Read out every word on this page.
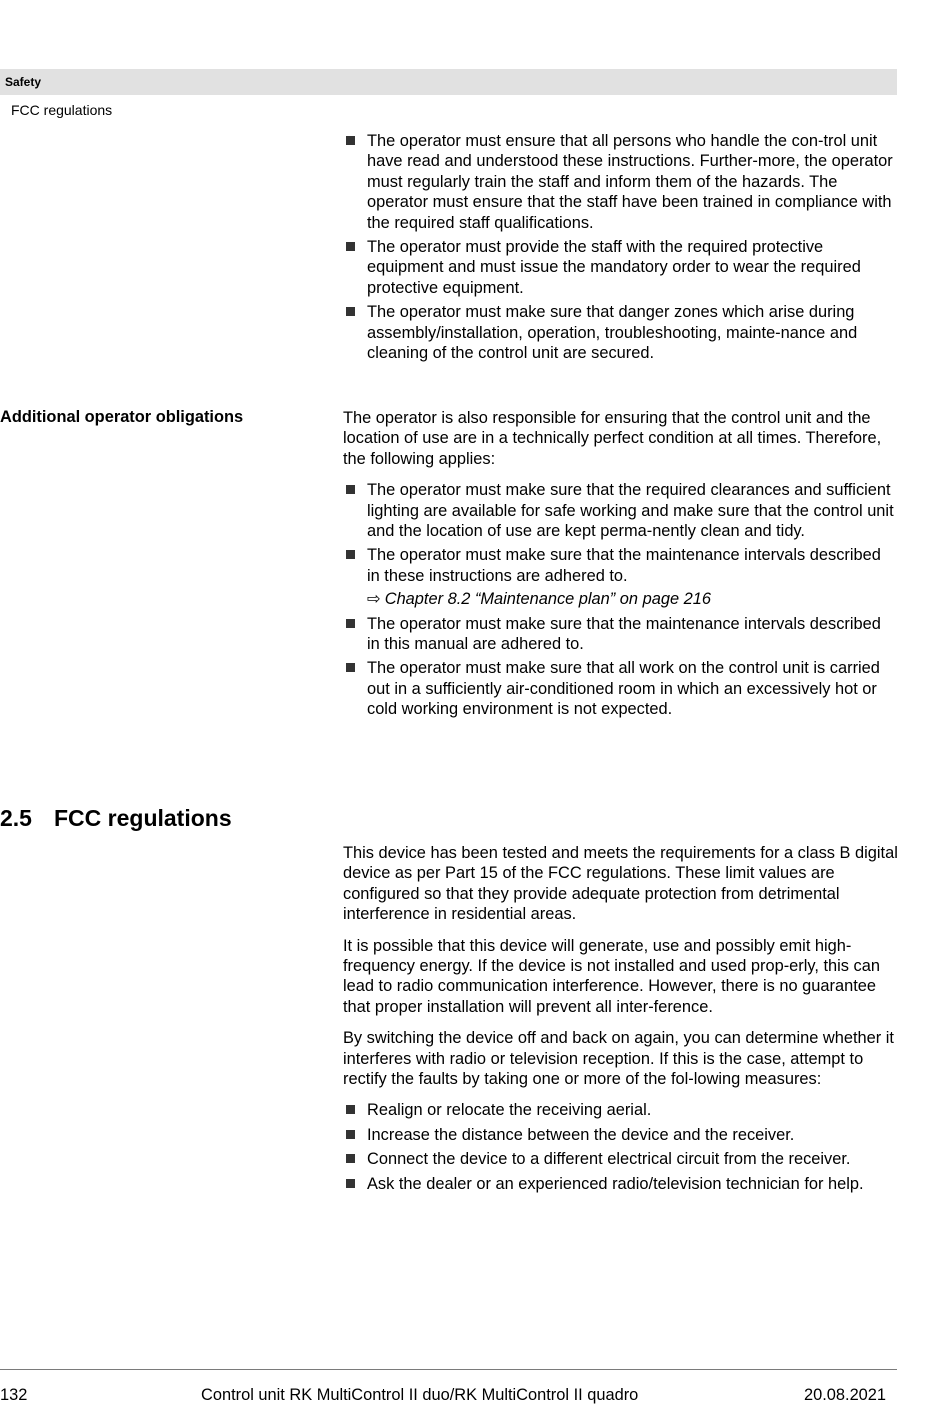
Safety
FCC regulations
The operator must ensure that all persons who handle the con-trol unit have read and understood these instructions. Further-more, the operator must regularly train the staff and inform them of the hazards. The operator must ensure that the staff have been trained in compliance with the required staff qualifications.
The operator must provide the staff with the required protective equipment and must issue the mandatory order to wear the required protective equipment.
The operator must make sure that danger zones which arise during assembly/installation, operation, troubleshooting, mainte-nance and cleaning of the control unit are secured.
Additional operator obligations	The operator is also responsible for ensuring that the control unit and the location of use are in a technically perfect condition at all times. Therefore, the following applies:

The operator must make sure that the required clearances and sufficient lighting are available for safe working and make sure that the control unit and the location of use are kept perma-nently clean and tidy.
The operator must make sure that the maintenance intervals described in these instructions are adhered to.
⇨ Chapter 8.2 “Maintenance plan” on page 216
The operator must make sure that the maintenance intervals described in this manual are adhered to.
The operator must make sure that all work on the control unit is carried out in a sufficiently air-conditioned room in which an excessively hot or cold working environment is not expected.
2.5 FCC regulations

This device has been tested and meets the requirements for a class B digital device as per Part 15 of the FCC regulations. These limit values are configured so that they provide adequate protection from detrimental interference in residential areas.

It is possible that this device will generate, use and possibly emit high-frequency energy. If the device is not installed and used prop-erly, this can lead to radio communication interference. However, there is no guarantee that proper installation will prevent all inter-ference.

By switching the device off and back on again, you can determine whether it interferes with radio or television reception. If this is the case, attempt to rectify the faults by taking one or more of the fol-lowing measures:

Realign or relocate the receiving aerial.
Increase the distance between the device and the receiver.
Connect the device to a different electrical circuit from the receiver.
Ask the dealer or an experienced radio/television technician for help.
132	Control unit RK MultiControl II duo/RK MultiControl II quadro	20.08.2021
